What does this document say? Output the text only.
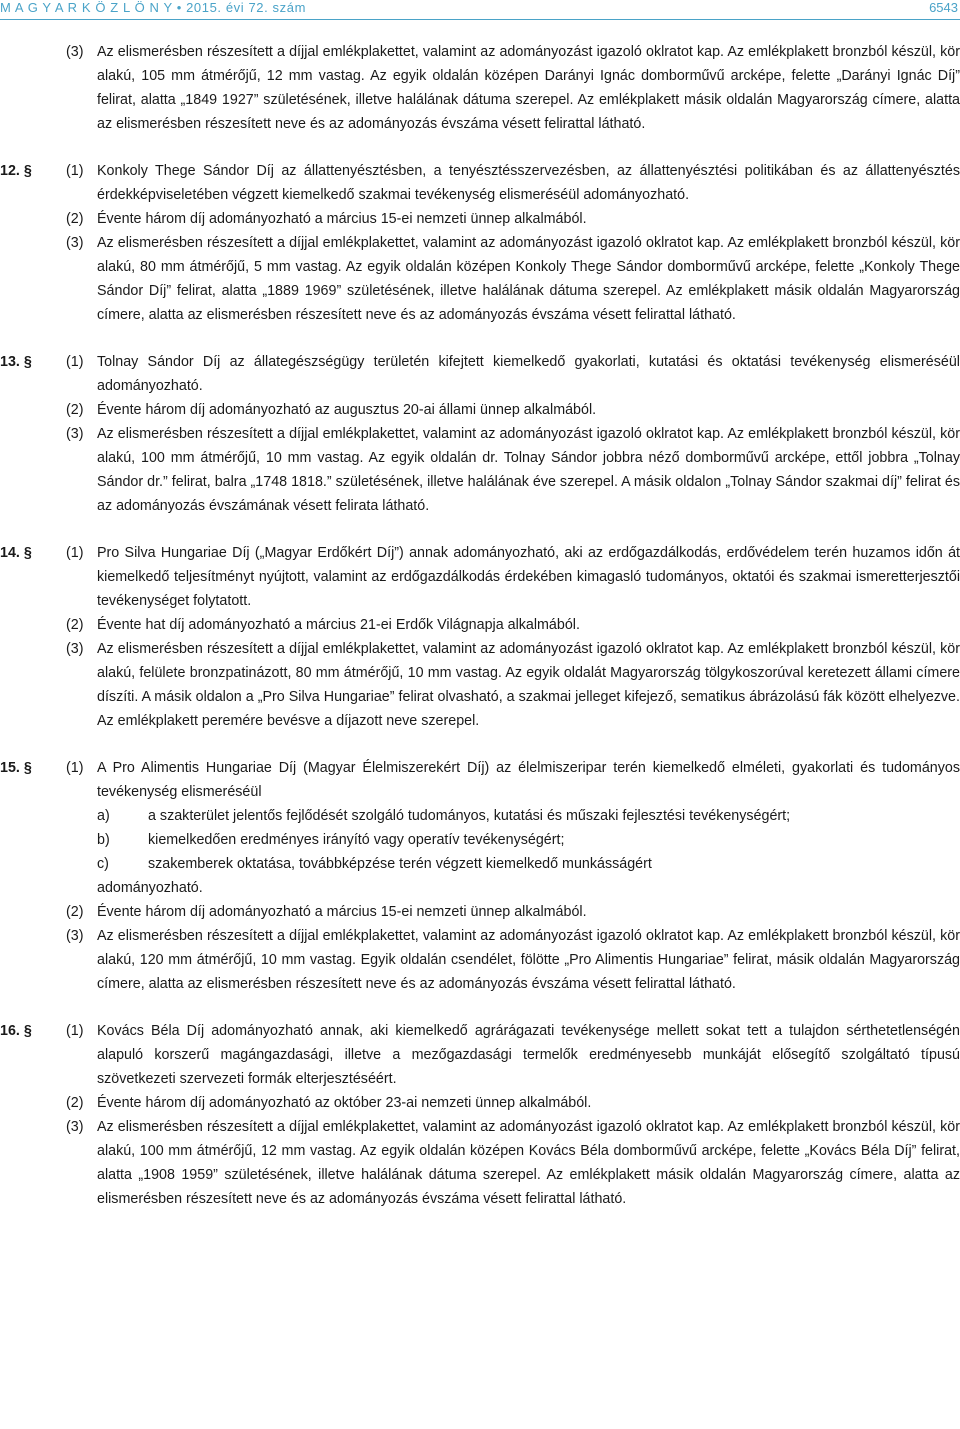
M A G Y A R K Ö Z L Ö N Y • 2015. évi 72. szám	6543
(3) Az elismerésben részesített a díjjal emlékplakettet, valamint az adományozást igazoló oklratot kap. Az emlékplakett bronzból készül, kör alakú, 105 mm átmérőjű, 12 mm vastag. Az egyik oldalán középen Darányi Ignác domborművű arcképe, felette „Darányi Ignác Díj” felirat, alatta „1849 1927” születésének, illetve halálának dátuma szerepel. Az emlékplakett másik oldalán Magyarország címere, alatta az elismerésben részesített neve és az adományozás évszáma vésett felirattal látható.
12. § (1) Konkoly Thege Sándor Díj az állattenyésztésben, a tenyésztésszervezésben, az állattenyésztési politikában és az állattenyésztés érdekképviseletében végzett kiemelkedő szakmai tevékenység elismeréséül adományozható.
(2) Évente három díj adományozható a március 15-ei nemzeti ünnep alkalmából.
(3) Az elismerésben részesített a díjjal emlékplakettet, valamint az adományozást igazoló oklratot kap. Az emlékplakett bronzból készül, kör alakú, 80 mm átmérőjű, 5 mm vastag. Az egyik oldalán középen Konkoly Thege Sándor domborművű arcképe, felette „Konkoly Thege Sándor Díj” felirat, alatta „1889 1969” születésének, illetve halálának dátuma szerepel. Az emlékplakett másik oldalán Magyarország címere, alatta az elismerésben részesített neve és az adományozás évszáma vésett felirattal látható.
13. § (1) Tolnay Sándor Díj az állategészségügy területén kifejtett kiemelkedő gyakorlati, kutatási és oktatási tevékenység elismeréséül adományozható.
(2) Évente három díj adományozható az augusztus 20-ai állami ünnep alkalmából.
(3) Az elismerésben részesített a díjjal emlékplakettet, valamint az adományozást igazoló oklratot kap. Az emlékplakett bronzból készül, kör alakú, 100 mm átmérőjű, 10 mm vastag. Az egyik oldalán dr. Tolnay Sándor jobbra néző domborművű arcképe, ettől jobbra „Tolnay Sándor dr.” felirat, balra „1748 1818.” születésének, illetve halálának éve szerepel. A másik oldalon „Tolnay Sándor szakmai díj” felirat és az adományozás évszámának vésett felirata látható.
14. § (1) Pro Silva Hungariae Díj („Magyar Erdőkért Díj”) annak adományozható, aki az erdőgazdálkodás, erdővédelem terén huzamos időn át kiemelkedő teljesítményt nyújtott, valamint az erdőgazdálkodás érdekében kimagasló tudományos, oktatói és szakmai ismeretterjesztői tevékenységet folytatott.
(2) Évente hat díj adományozható a március 21-ei Erdők Világnapja alkalmából.
(3) Az elismerésben részesített a díjjal emlékplakettet, valamint az adományozást igazoló oklratot kap. Az emlékplakett bronzból készül, kör alakú, felülete bronzpatinázott, 80 mm átmérőjű, 10 mm vastag. Az egyik oldalát Magyarország tölgykoszorúval keretezett állami címere díszíti. A másik oldalon a „Pro Silva Hungariae” felirat olvasható, a szakmai jelleget kifejező, sematikus ábrázolású fák között elhelyezve. Az emlékplakett peremére bevésve a díjazott neve szerepel.
15. § (1) A Pro Alimentis Hungariae Díj (Magyar Élelmiszerekért Díj) az élelmiszeripar terén kiemelkedő elméleti, gyakorlati és tudományos tevékenység elismeréséül
a)	a szakterület jelentős fejlődését szolgáló tudományos, kutatási és műszaki fejlesztési tevékenységért;
b)	kiemelkedően eredményes irányító vagy operatív tevékenységért;
c)	szakemberek oktatása, továbbképzése terén végzett kiemelkedő munkásságért
adományozható.
(2) Évente három díj adományozható a március 15-ei nemzeti ünnep alkalmából.
(3) Az elismerésben részesített a díjjal emlékplakettet, valamint az adományozást igazoló oklratot kap. Az emlékplakett bronzból készül, kör alakú, 120 mm átmérőjű, 10 mm vastag. Egyik oldalán csendélet, fölötte „Pro Alimentis Hungariae” felirat, másik oldalán Magyarország címere, alatta az elismerésben részesített neve és az adományozás évszáma vésett felirattal látható.
16. § (1) Kovács Béla Díj adományozható annak, aki kiemelkedő agrárágazati tevékenysége mellett sokat tett a tulajdon sérthetetlenségén alapuló korszerű magángazdasági, illetve a mezőgazdasági termelők eredményesebb munkáját elősegítő szolgáltató típusú szövetkezeti szervezeti formák elterjesztéséért.
(2) Évente három díj adományozható az október 23-ai nemzeti ünnep alkalmából.
(3) Az elismerésben részesített a díjjal emlékplakettet, valamint az adományozást igazoló oklratot kap. Az emlékplakett bronzból készül, kör alakú, 100 mm átmérőjű, 12 mm vastag. Az egyik oldalán középen Kovács Béla domborművű arcképe, felette „Kovács Béla Díj” felirat, alatta „1908 1959” születésének, illetve halálának dátuma szerepel. Az emlékplakett másik oldalán Magyarország címere, alatta az elismerésben részesített neve és az adományozás évszáma vésett felirattal látható.
